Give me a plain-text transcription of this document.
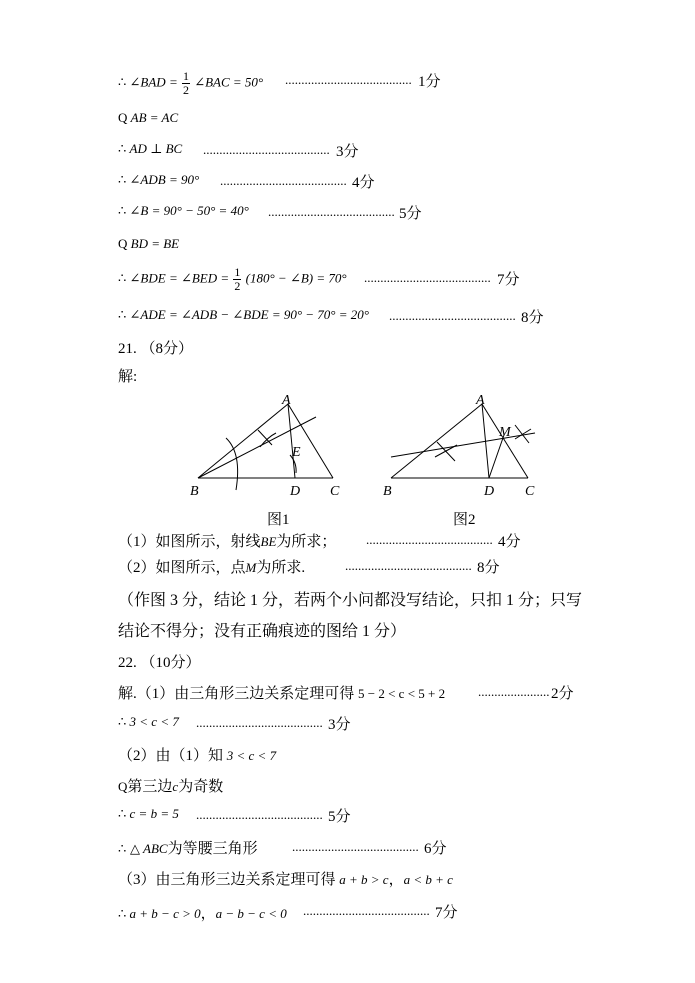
∴ ∠BAD = $\frac{1}{2}$ ∠BAC = 50° ....................................... 1分
Q AB = AC
∴ AD ⊥ BC ....................................... 3分
∴ ∠ADB = 90° ....................................... 4分
∴ ∠B = 90° − 50° = 40° ....................................... 5分
Q BD = BE
∴ ∠BDE = ∠BED = $\frac{1}{2} (180^\circ$ − ∠B) = 70° ....................................... 7分
∴ ∠ADE = ∠ADB − ∠BDE = 90° − 70° = 20° ....................................... 8分
21. （8分）
解:
A
B	C
D
E
图1
A
B	C
D
M
图2
（1）如图所示，射线BE为所求； ....................................... 4分
（2）如图所示，点M为所求.	....................................... 8分
（作图 3 分，结论 1 分，若两个小问都没写结论，只扣 1 分；只写
结论不得分；没有正确痕迹的图给 1 分）
22. （10分）
解.（1）由三角形三边关系定理可得 5 − 2 < c < 5 + 2	...................... 2分
∴ 3 < c < 7 ....................................... 3分
（2）由（1）知 3 < c < 7
Q第三边c为奇数
∴ c = b = 5 ....................................... 5分
∴ △ ABC为等腰三角形	....................................... 6分
（3）由三角形三边关系定理可得 a + b > c，a < b + c
∴ a + b − c > 0，a − b − c < 0 ....................................... 7分
